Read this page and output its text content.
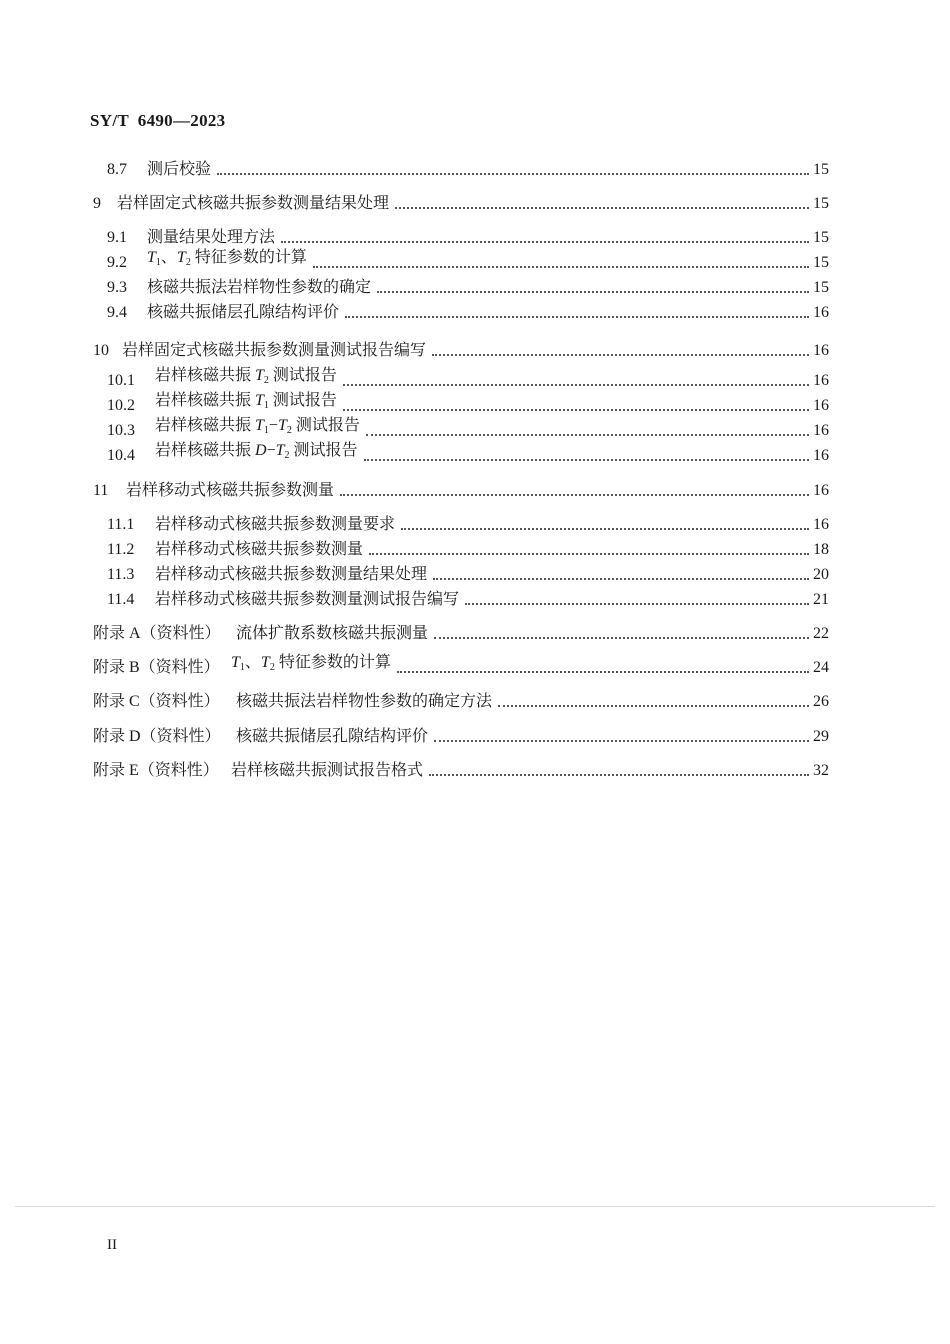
SY/T  6490—2023
8.7	测后校验	15
9	岩样固定式核磁共振参数测量结果处理	15
9.1	测量结果处理方法	15
9.2	$T_1$、$T_2$ 特征参数的计算	15
9.3	核磁共振法岩样物性参数的确定	15
9.4	核磁共振储层孔隙结构评价	16
10 岩样固定式核磁共振参数测量测试报告编写	16
10.1	岩样核磁共振 $T_2$ 测试报告	16
10.2	岩样核磁共振 $T_1$ 测试报告	16
10.3	岩样核磁共振 $T_1-T_2$ 测试报告	16
10.4	岩样核磁共振 $D-T_2$ 测试报告	16
11	岩样移动式核磁共振参数测量	16
11.1	岩样移动式核磁共振参数测量要求	16
11.2	岩样移动式核磁共振参数测量	18
11.3	岩样移动式核磁共振参数测量结果处理	20
11.4	岩样移动式核磁共振参数测量测试报告编写	21
附录 A（资料性） 流体扩散系数核磁共振测量	22
附录 B（资料性） $T_1$、$T_2$ 特征参数的计算	24
附录 C（资料性）	核磁共振法岩样物性参数的确定方法	26
附录 D（资料性） 核磁共振储层孔隙结构评价	29
附录 E（资料性） 岩样核磁共振测试报告格式	32
II
